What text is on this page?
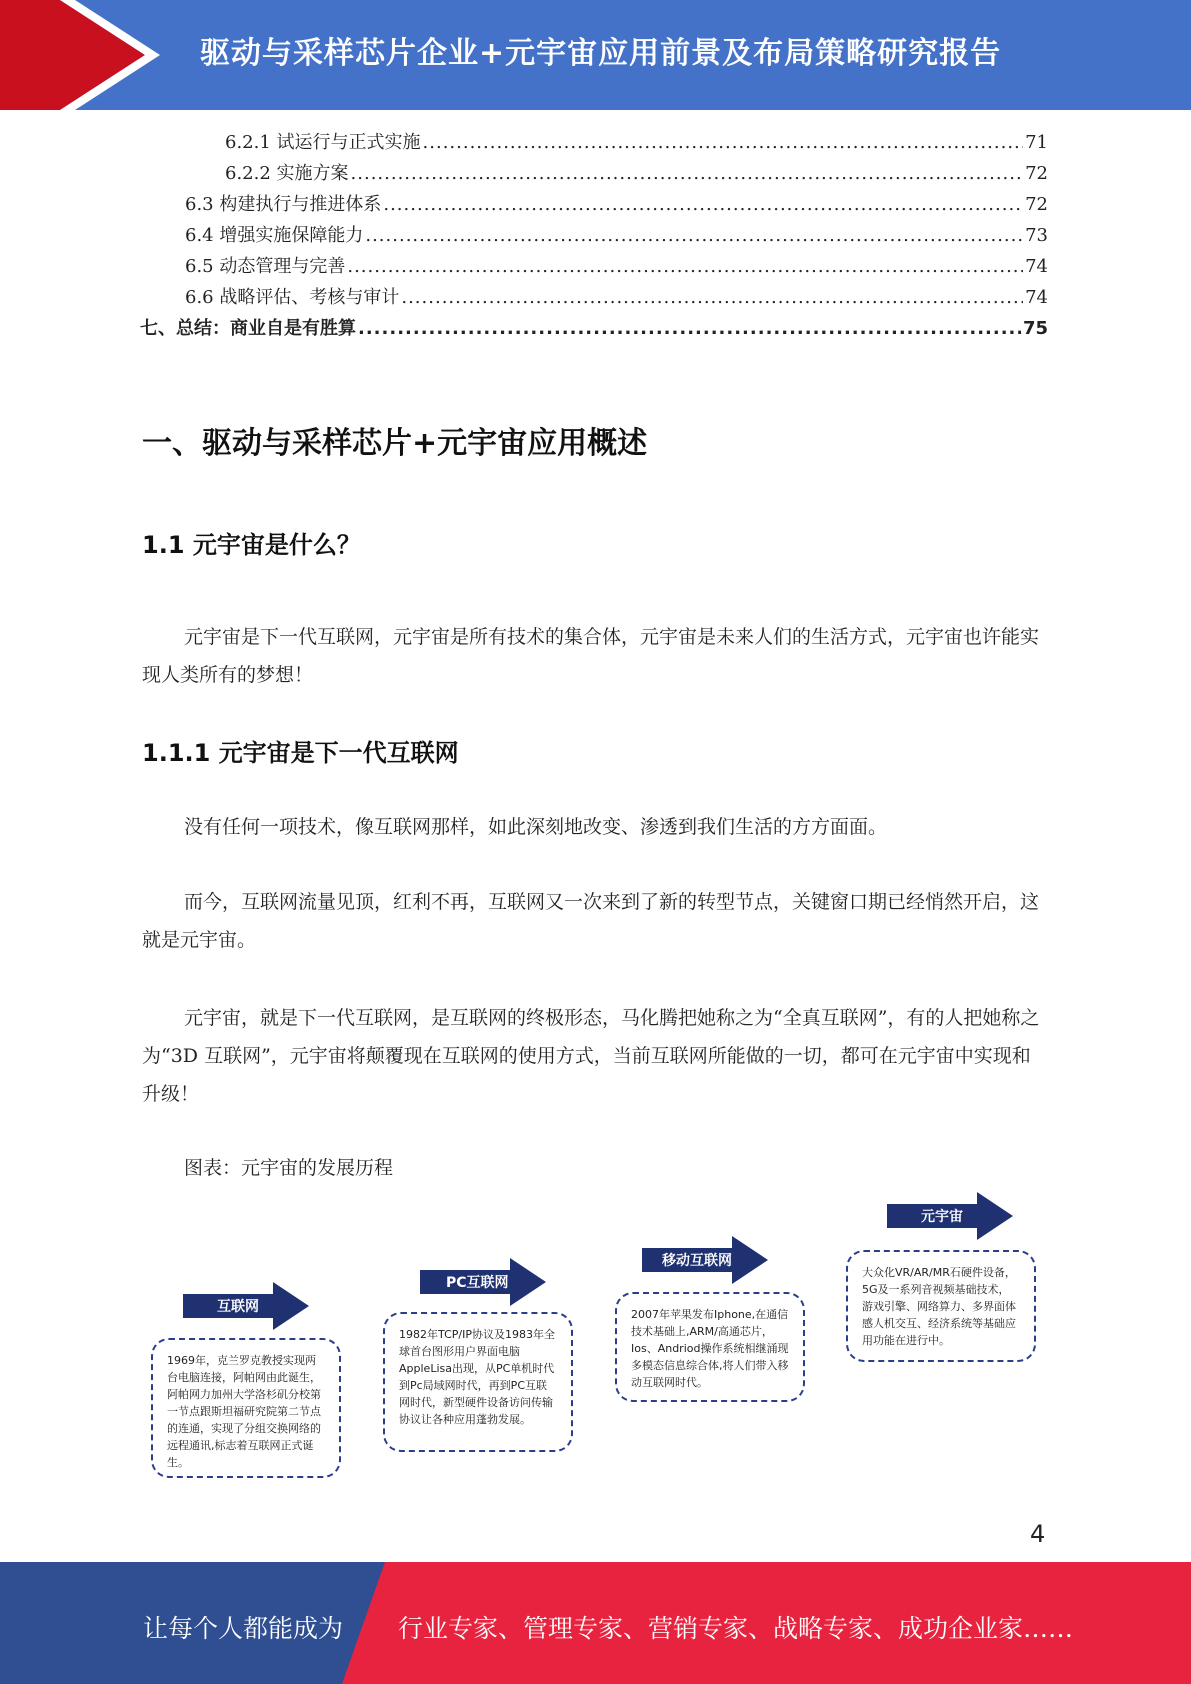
驱动与采样芯片企业+元宇宙应用前景及布局策略研究报告
6.2.1 试运行与正式实施 .....	71
6.2.2 实施方案 .....	72
6.3 构建执行与推进体系 .....	72
6.4 增强实施保障能力 .....	73
6.5 动态管理与完善 .....	74
6.6 战略评估、考核与审计 .....	74
七、总结：商业自是有胜算 .....	75
一、驱动与采样芯片+元宇宙应用概述
1.1 元宇宙是什么？
元宇宙是下一代互联网，元宇宙是所有技术的集合体，元宇宙是未来人们的生活方式，元宇宙也许能实现人类所有的梦想！
1.1.1 元宇宙是下一代互联网
没有任何一项技术，像互联网那样，如此深刻地改变、渗透到我们生活的方方面面。
而今，互联网流量见顶，红利不再，互联网又一次来到了新的转型节点，关键窗口期已经悄然开启，这就是元宇宙。
元宇宙，就是下一代互联网，是互联网的终极形态，马化腾把她称之为“全真互联网”，有的人把她称之为“3D 互联网”，元宇宙将颠覆现在互联网的使用方式，当前互联网所能做的一切，都可在元宇宙中实现和升级！
图表：元宇宙的发展历程
互联网
1969年，克兰罗克教授实现两台电脑连接，阿帕网由此诞生，阿帕网力加州大学洛杉矶分校第一节点跟斯坦福研究院第二节点的连通，实现了分组交换网络的远程通讯,标志着互联网正式诞生。
PC互联网
1982年TCP/IP协议及1983年全球首台图形用户界面电脑AppleLisa出现，从PC单机时代到Pc局域网时代，再到PC互联网时代，新型硬件设备访问传输协议让各种应用蓬勃发展。
移动互联网
2007年苹果发布Iphone,在通信技术基础上,ARM/高通芯片，Ios、Andriod操作系统相继涌现多模态信息综合体,将人们带入移动互联网时代。
元宇宙
大众化VR/AR/MR石硬件设备，5G及一系列音视频基础技术，游戏引擎、网络算力、多界面体感人机交互、经济系统等基础应用功能在进行中。
4
让每个人都能成为 行业专家、管理专家、营销专家、战略专家、成功企业家……
